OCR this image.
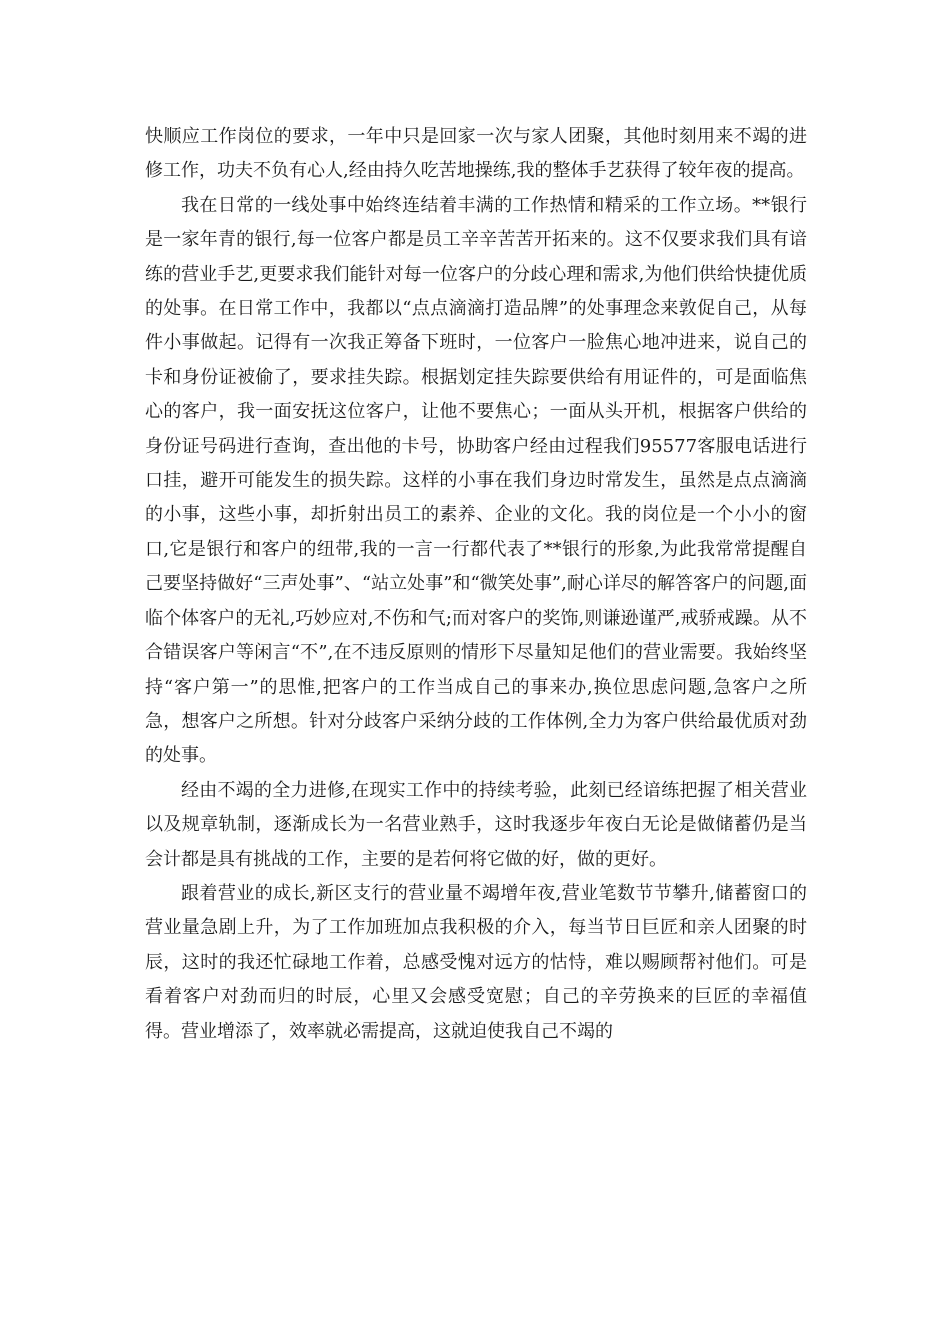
快顺应工作岗位的要求，一年中只是回家一次与家人团聚，其他时刻用来不竭的进修工作，功夫不负有心人,经由持久吃苦地操练,我的整体手艺获得了较年夜的提高。

我在日常的一线处事中始终连结着丰满的工作热情和精采的工作立场。**银行是一家年青的银行,每一位客户都是员工辛辛苦苦开拓来的。这不仅要求我们具有谙练的营业手艺,更要求我们能针对每一位客户的分歧心理和需求,为他们供给快捷优质的处事。在日常工作中，我都以“点点滴滴打造品牌”的处事理念来敦促自己，从每件小事做起。记得有一次我正筹备下班时，一位客户一脸焦心地冲进来，说自己的卡和身份证被偷了，要求挂失踪。根据划定挂失踪要供给有用证件的，可是面临焦心的客户，我一面安抚这位客户，让他不要焦心；一面从头开机，根据客户供给的身份证号码进行查询，查出他的卡号，协助客户经由过程我们95577客服电话进行口挂，避开可能发生的损失踪。这样的小事在我们身边时常发生，虽然是点点滴滴的小事，这些小事，却折射出员工的素养、企业的文化。我的岗位是一个小小的窗口,它是银行和客户的纽带,我的一言一行都代表了**银行的形象,为此我常常提醒自己要坚持做好“三声处事”、“站立处事”和“微笑处事”,耐心详尽的解答客户的问题,面临个体客户的无礼,巧妙应对,不伤和气;而对客户的奖饰,则谦逊谨严,戒骄戒躁。从不合错误客户等闲言“不”,在不违反原则的情形下尽量知足他们的营业需要。我始终坚持“客户第一”的思惟,把客户的工作当成自己的事来办,换位思虑问题,急客户之所急，想客户之所想。针对分歧客户采纳分歧的工作体例,全力为客户供给最优质对劲的处事。

经由不竭的全力进修,在现实工作中的持续考验，此刻已经谙练把握了相关营业以及规章轨制，逐渐成长为一名营业熟手，这时我逐步年夜白无论是做储蓄仍是当会计都是具有挑战的工作，主要的是若何将它做的好，做的更好。

跟着营业的成长,新区支行的营业量不竭增年夜,营业笔数节节攀升,储蓄窗口的营业量急剧上升，为了工作加班加点我积极的介入，每当节日巨匠和亲人团聚的时辰，这时的我还忙碌地工作着，总感受愧对远方的怙恃，难以赐顾帮衬他们。可是看着客户对劲而归的时辰，心里又会感受宽慰；自己的辛劳换来的巨匠的幸福值得。营业增添了，效率就必需提高，这就迫使我自己不竭的
